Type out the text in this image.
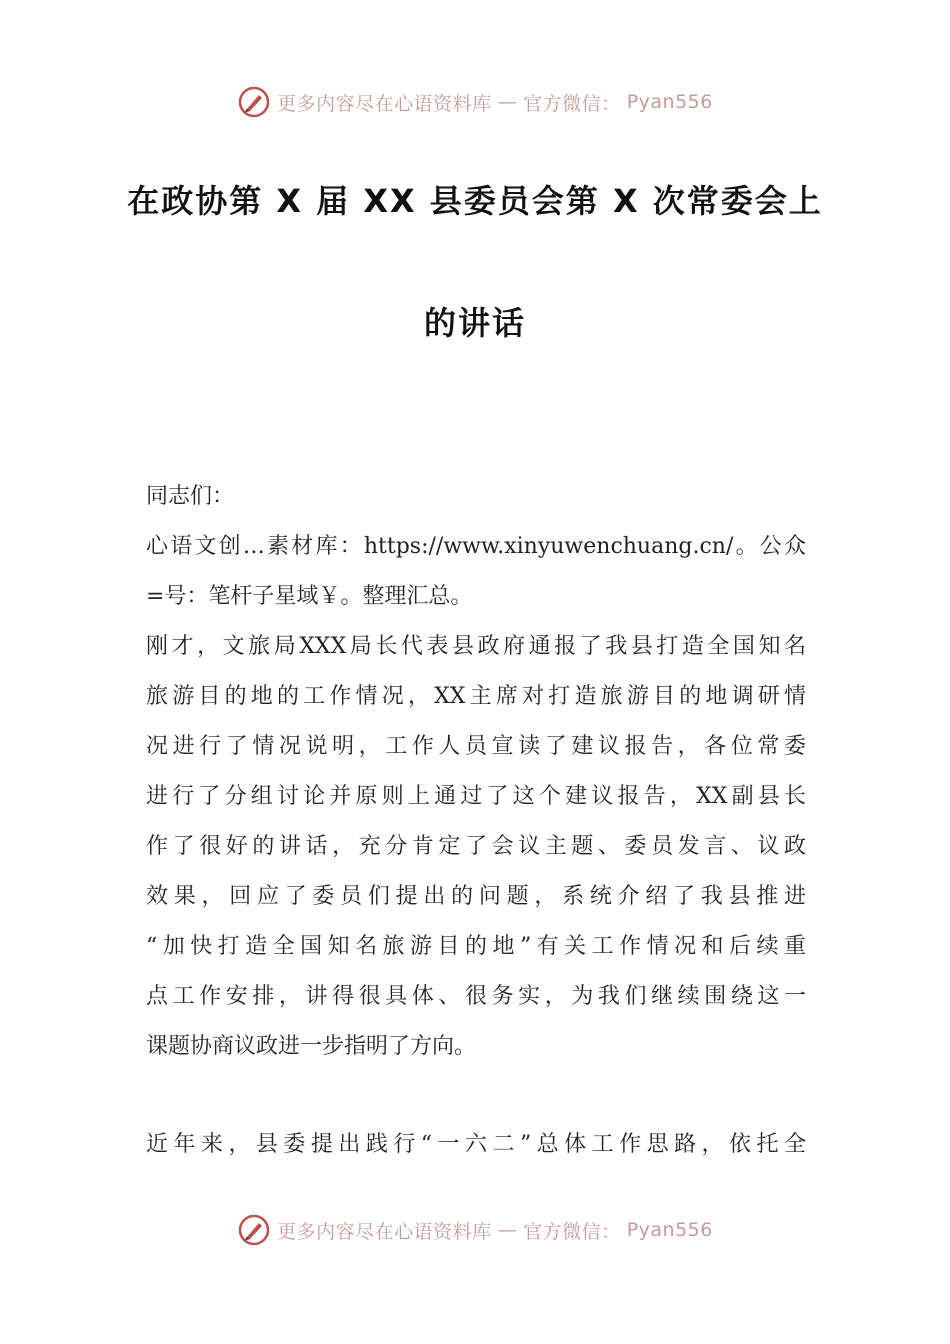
更多内容尽在心语资料库 — 官方微信： Pyan556
在政协第 X 届 XX 县委员会第 X 次常委会上
的讲话
同志们：
心语文创…素材库：https://www.xinyuwenchuang.cn/。公众
=号：笔杆子星域￥。整理汇总。
刚才，文旅局XXX局长代表县政府通报了我县打造全国知名
旅游目的地的工作情况，XX主席对打造旅游目的地调研情
况进行了情况说明，工作人员宣读了建议报告，各位常委
进行了分组讨论并原则上通过了这个建议报告，XX副县长
作了很好的讲话，充分肯定了会议主题、委员发言、议政
效果，回应了委员们提出的问题，系统介绍了我县推进
“加快打造全国知名旅游目的地”有关工作情况和后续重
点工作安排，讲得很具体、很务实，为我们继续围绕这一
课题协商议政进一步指明了方向。
近年来，县委提出践行“一六二”总体工作思路，依托全
更多内容尽在心语资料库 — 官方微信： Pyan556
